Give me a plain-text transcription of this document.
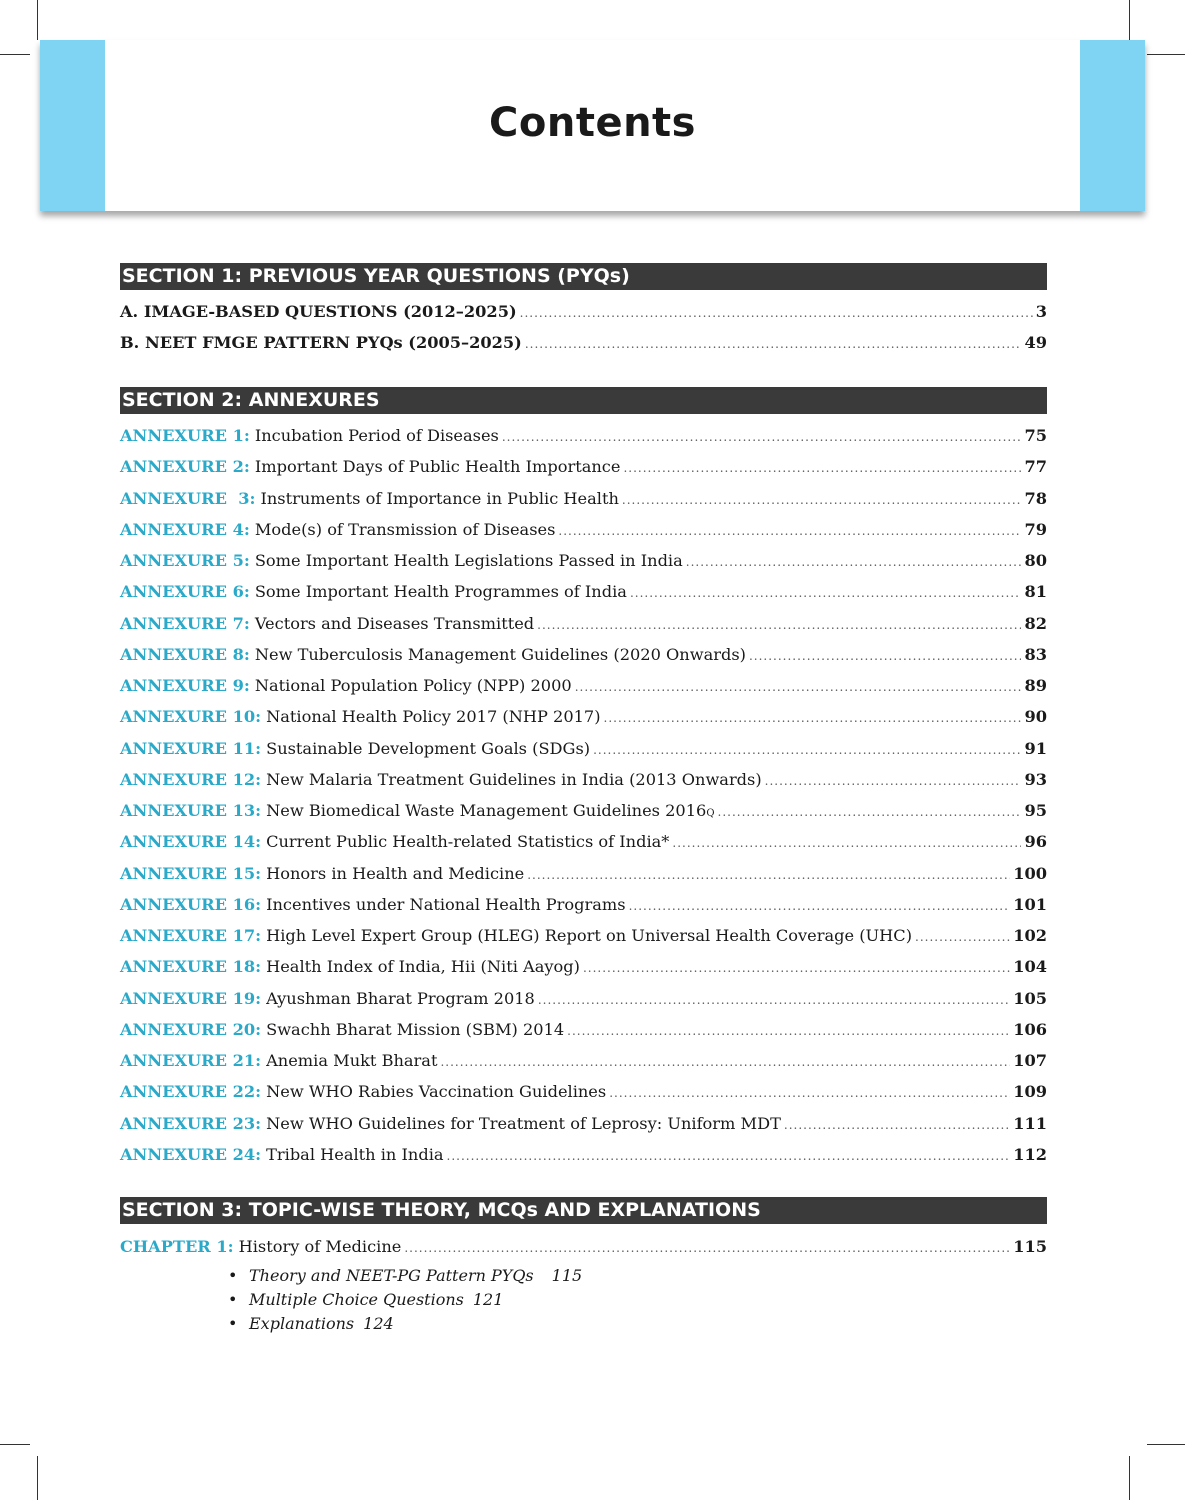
Contents
SECTION 1: PREVIOUS YEAR QUESTIONS (PYQs)
A. IMAGE-BASED QUESTIONS (2012–2025) .....	3
B. NEET FMGE PATTERN PYQs (2005–2025) .....	49
SECTION 2: ANNEXURES
ANNEXURE 1: Incubation Period of Diseases .....	75
ANNEXURE 2: Important Days of Public Health Importance .....	77
ANNEXURE  3: Instruments of Importance in Public Health .....	78
ANNEXURE 4: Mode(s) of Transmission of Diseases .....	79
ANNEXURE 5: Some Important Health Legislations Passed in India .....	80
ANNEXURE 6: Some Important Health Programmes of India .....	81
ANNEXURE 7: Vectors and Diseases Transmitted .....	82
ANNEXURE 8: New Tuberculosis Management Guidelines (2020 Onwards) .....	83
ANNEXURE 9: National Population Policy (NPP) 2000 .....	89
ANNEXURE 10: National Health Policy 2017 (NHP 2017) .....	90
ANNEXURE 11: Sustainable Development Goals (SDGs) .....	91
ANNEXURE 12: New Malaria Treatment Guidelines in India (2013 Onwards) .....	93
ANNEXURE 13: New Biomedical Waste Management Guidelines 2016 Q .....	95
ANNEXURE 14: Current Public Health-related Statistics of India* .....	96
ANNEXURE 15: Honors in Health and Medicine .....	100
ANNEXURE 16: Incentives under National Health Programs .....	101
ANNEXURE 17: High Level Expert Group (HLEG) Report on Universal Health Coverage (UHC) .....	102
ANNEXURE 18: Health Index of India, Hii (Niti Aayog) .....	104
ANNEXURE 19: Ayushman Bharat Program 2018 .....	105
ANNEXURE 20: Swachh Bharat Mission (SBM) 2014 .....	106
ANNEXURE 21: Anemia Mukt Bharat .....	107
ANNEXURE 22: New WHO Rabies Vaccination Guidelines .....	109
ANNEXURE 23: New WHO Guidelines for Treatment of Leprosy: Uniform MDT .....	111
ANNEXURE 24: Tribal Health in India .....	112
SECTION 3: TOPIC-WISE THEORY, MCQs AND EXPLANATIONS
CHAPTER 1: History of Medicine .....	115
• Theory and NEET-PG Pattern PYQs 115
• Multiple Choice Questions 121
• Explanations 124
